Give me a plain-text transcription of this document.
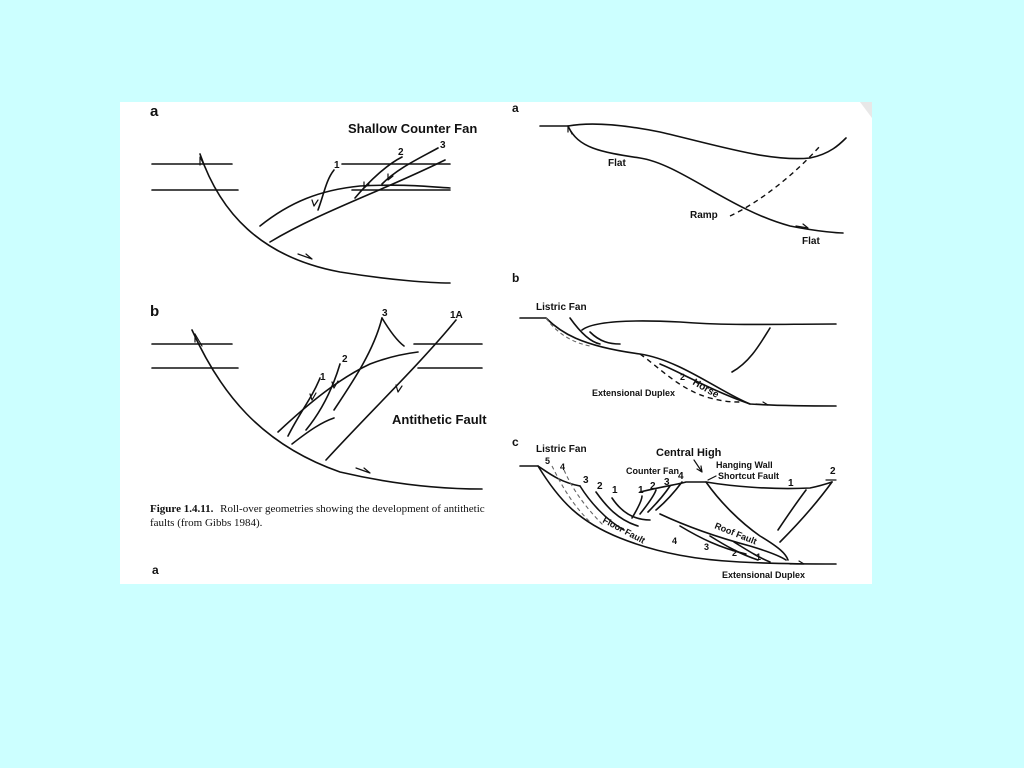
a
Shallow Counter Fan
1
2
3
b	1A
1
2
3
Antithetic Fault
Figure 1.4.11. Roll-over geometries showing the development of antithetic
faults (from Gibbs 1984).
a
a
Flat
Ramp
Flat
b
Listric Fan
2
Horse
Extensional Duplex
c
Listric Fan	Central High
Hanging Wall
Shortcut Fault
Counter Fan
5
4
3
2 1 1 2 3
4
1
2
Floor Fault	Roof Fault
4
3
2 1
Extensional Duplex
